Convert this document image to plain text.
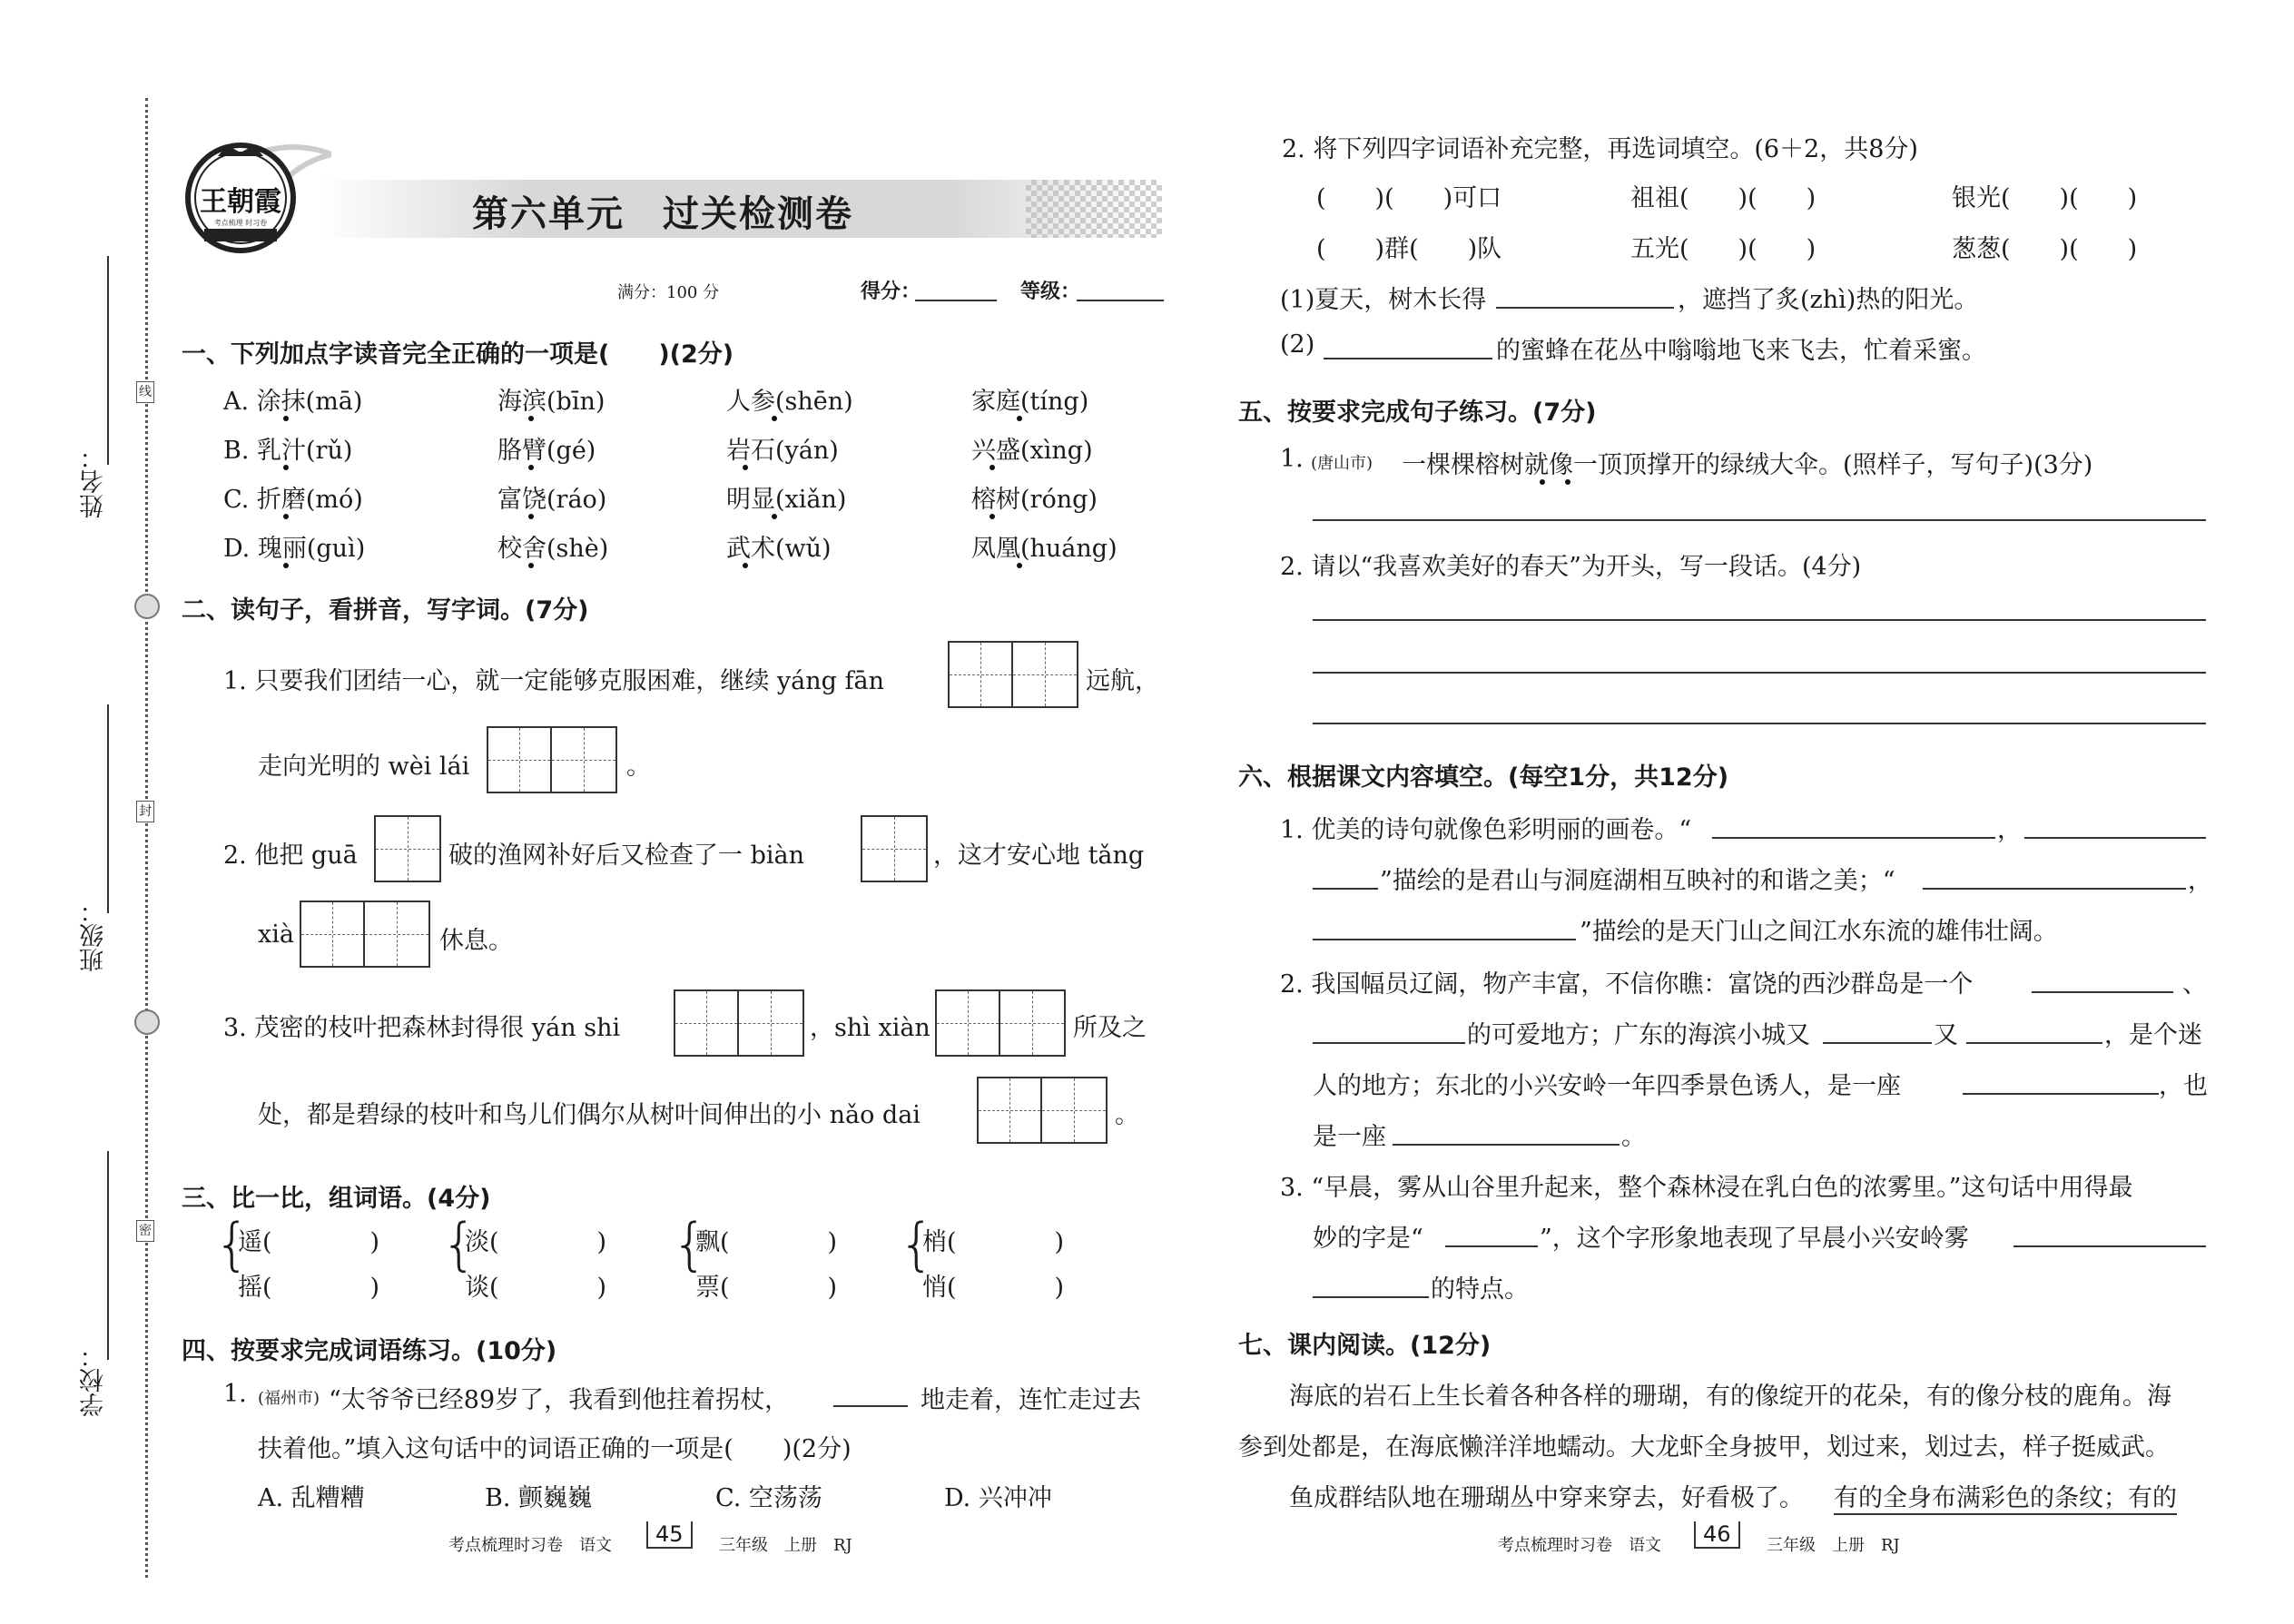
线
封
密
姓名：
班级：
学校：
王朝霞
考点梳理 时习卷	第六单元　过关检测卷
满分：100 分	得分：	等级：
一、下列加点字读音完全正确的一项是(　　)(2分)
A. 涂抹(mā)	海滨(bīn)	人参(shēn)	家庭(tíng)
B. 乳汁(rǔ)	胳臂(gé)	岩石(yán)	兴盛(xìng)
C. 折磨(mó)	富饶(ráo)	明显(xiǎn)	榕树(róng)
D. 瑰丽(guì)	校舍(shè)	武术(wǔ)	凤凰(huáng)
二、读句子，看拼音，写字词。(7分)
1. 只要我们团结一心，就一定能够克服困难，继续 yáng fān	远航，
走向光明的 wèi lái	。
2. 他把 guā	破的渔网补好后又检查了一 biàn	，这才安心地 tǎng
xià	休息。
3. 茂密的枝叶把森林封得很 yán shi	，shì xiàn	所及之
处，都是碧绿的枝叶和鸟儿们偶尔从树叶间伸出的小 nǎo dai	。
三、比一比，组词语。(4分)
{
遥(　　　　)
摇(　　　　)
{
淡(　　　　)
谈(　　　　)
{
飘(　　　　)
票(　　　　)
{
梢(　　　　)
悄(　　　　)
四、按要求完成词语练习。(10分)
1. (福州市) “太爷爷已经89岁了，我看到他拄着拐杖，	地走着，连忙走过去
扶着他。”填入这句话中的词语正确的一项是(　　)(2分)
A. 乱糟糟	B. 颤巍巍	C. 空荡荡	D. 兴冲冲
考点梳理时习卷　语文	45	三年级　上册　RJ
2. 将下列四字词语补充完整，再选词填空。(6＋2，共8分)
(　　)(　　)可口	祖祖(　　)(　　)	银光(　　)(　　)
(　　)群(　　)队	五光(　　)(　　)	葱葱(　　)(　　)
(1)夏天，树木长得	，遮挡了炙(zhì)热的阳光。
(2)	的蜜蜂在花丛中嗡嗡地飞来飞去，忙着采蜜。
五、按要求完成句子练习。(7分)
1. (唐山市) 一棵棵榕树就像一顶顶撑开的绿绒大伞。(照样子，写句子)(3分)
2. 请以“我喜欢美好的春天”为开头，写一段话。(4分)
六、根据课文内容填空。(每空1分，共12分)
1. 优美的诗句就像色彩明丽的画卷。“	，
”描绘的是君山与洞庭湖相互映衬的和谐之美；“	，
”描绘的是天门山之间江水东流的雄伟壮阔。
2. 我国幅员辽阔，物产丰富，不信你瞧：富饶的西沙群岛是一个	、
的可爱地方；广东的海滨小城又	又	，是个迷
人的地方；东北的小兴安岭一年四季景色诱人，是一座	，也
是一座	。
3. “早晨，雾从山谷里升起来，整个森林浸在乳白色的浓雾里。”这句话中用得最
妙的字是“	”，这个字形象地表现了早晨小兴安岭雾
的特点。
七、课内阅读。(12分)
海底的岩石上生长着各种各样的珊瑚，有的像绽开的花朵，有的像分枝的鹿角。海
参到处都是，在海底懒洋洋地蠕动。大龙虾全身披甲，划过来，划过去，样子挺威武。
鱼成群结队地在珊瑚丛中穿来穿去，好看极了。 有的全身布满彩色的条纹；有的
考点梳理时习卷　语文	46	三年级　上册　RJ
